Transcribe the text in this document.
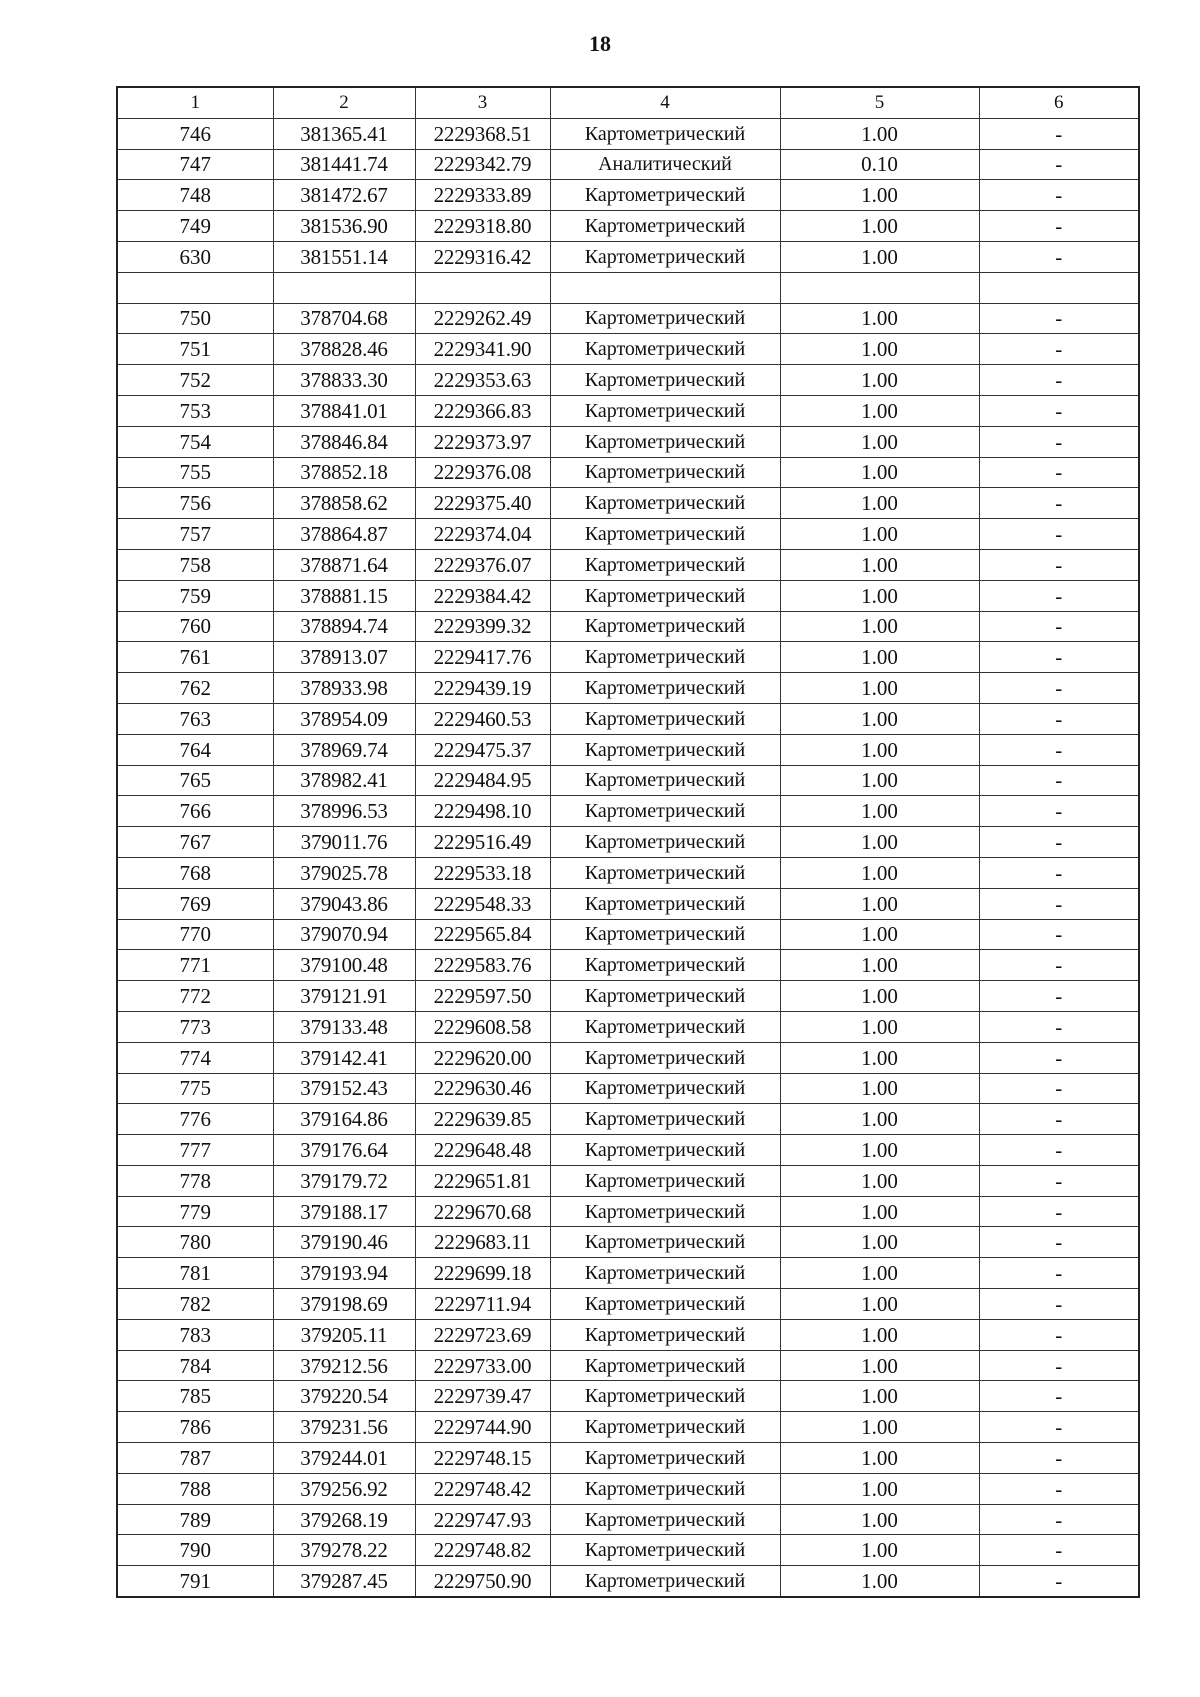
18
1	2	3	4	5	6
746	381365.41	2229368.51	Картометрический	1.00	-
747	381441.74	2229342.79	Аналитический	0.10	-
748	381472.67	2229333.89	Картометрический	1.00	-
749	381536.90	2229318.80	Картометрический	1.00	-
630	381551.14	2229316.42	Картометрический	1.00	-

750	378704.68	2229262.49	Картометрический	1.00	-
751	378828.46	2229341.90	Картометрический	1.00	-
752	378833.30	2229353.63	Картометрический	1.00	-
753	378841.01	2229366.83	Картометрический	1.00	-
754	378846.84	2229373.97	Картометрический	1.00	-
755	378852.18	2229376.08	Картометрический	1.00	-
756	378858.62	2229375.40	Картометрический	1.00	-
757	378864.87	2229374.04	Картометрический	1.00	-
758	378871.64	2229376.07	Картометрический	1.00	-
759	378881.15	2229384.42	Картометрический	1.00	-
760	378894.74	2229399.32	Картометрический	1.00	-
761	378913.07	2229417.76	Картометрический	1.00	-
762	378933.98	2229439.19	Картометрический	1.00	-
763	378954.09	2229460.53	Картометрический	1.00	-
764	378969.74	2229475.37	Картометрический	1.00	-
765	378982.41	2229484.95	Картометрический	1.00	-
766	378996.53	2229498.10	Картометрический	1.00	-
767	379011.76	2229516.49	Картометрический	1.00	-
768	379025.78	2229533.18	Картометрический	1.00	-
769	379043.86	2229548.33	Картометрический	1.00	-
770	379070.94	2229565.84	Картометрический	1.00	-
771	379100.48	2229583.76	Картометрический	1.00	-
772	379121.91	2229597.50	Картометрический	1.00	-
773	379133.48	2229608.58	Картометрический	1.00	-
774	379142.41	2229620.00	Картометрический	1.00	-
775	379152.43	2229630.46	Картометрический	1.00	-
776	379164.86	2229639.85	Картометрический	1.00	-
777	379176.64	2229648.48	Картометрический	1.00	-
778	379179.72	2229651.81	Картометрический	1.00	-
779	379188.17	2229670.68	Картометрический	1.00	-
780	379190.46	2229683.11	Картометрический	1.00	-
781	379193.94	2229699.18	Картометрический	1.00	-
782	379198.69	2229711.94	Картометрический	1.00	-
783	379205.11	2229723.69	Картометрический	1.00	-
784	379212.56	2229733.00	Картометрический	1.00	-
785	379220.54	2229739.47	Картометрический	1.00	-
786	379231.56	2229744.90	Картометрический	1.00	-
787	379244.01	2229748.15	Картометрический	1.00	-
788	379256.92	2229748.42	Картометрический	1.00	-
789	379268.19	2229747.93	Картометрический	1.00	-
790	379278.22	2229748.82	Картометрический	1.00	-
791	379287.45	2229750.90	Картометрический	1.00	-
